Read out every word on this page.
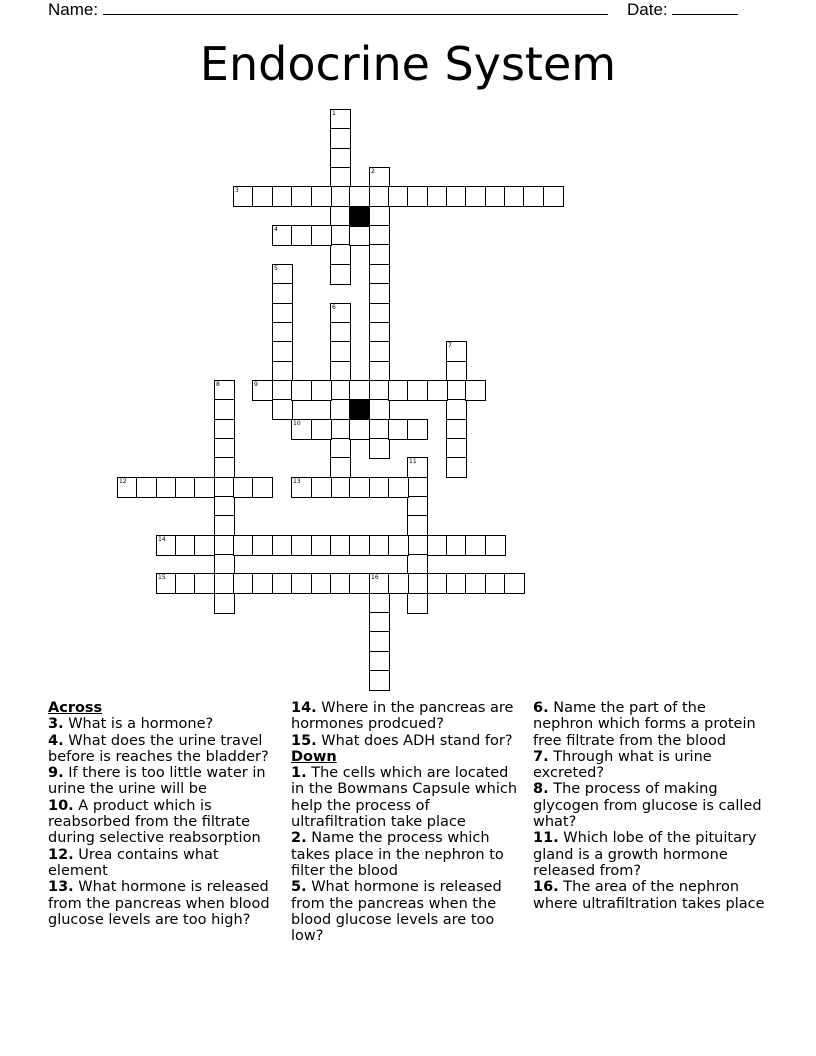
Name:	Date:
Endocrine System
1
2
3
4
5
6
7
8	9
10
11
12	13
14
15	16
Across

3. What is a hormone?

4. What does the urine travel before is reaches the bladder?

9. If there is too little water in urine the urine will be

10. A product which is reabsorbed from the filtrate during selective reabsorption

12. Urea contains what element

13. What hormone is released from the pancreas when blood glucose levels are too high?

14. Where in the pancreas are hormones prodcued?

15. What does ADH stand for?

Down

1. The cells which are located in the Bowmans Capsule which help the process of ultrafiltration take place

2. Name the process which takes place in the nephron to filter the blood

5. What hormone is released from the pancreas when the blood glucose levels are too low?

6. Name the part of the nephron which forms a protein free filtrate from the blood

7. Through what is urine excreted?

8. The process of making glycogen from glucose is called what?

11. Which lobe of the pituitary gland is a growth hormone released from?

16. The area of the nephron where ultrafiltration takes place
